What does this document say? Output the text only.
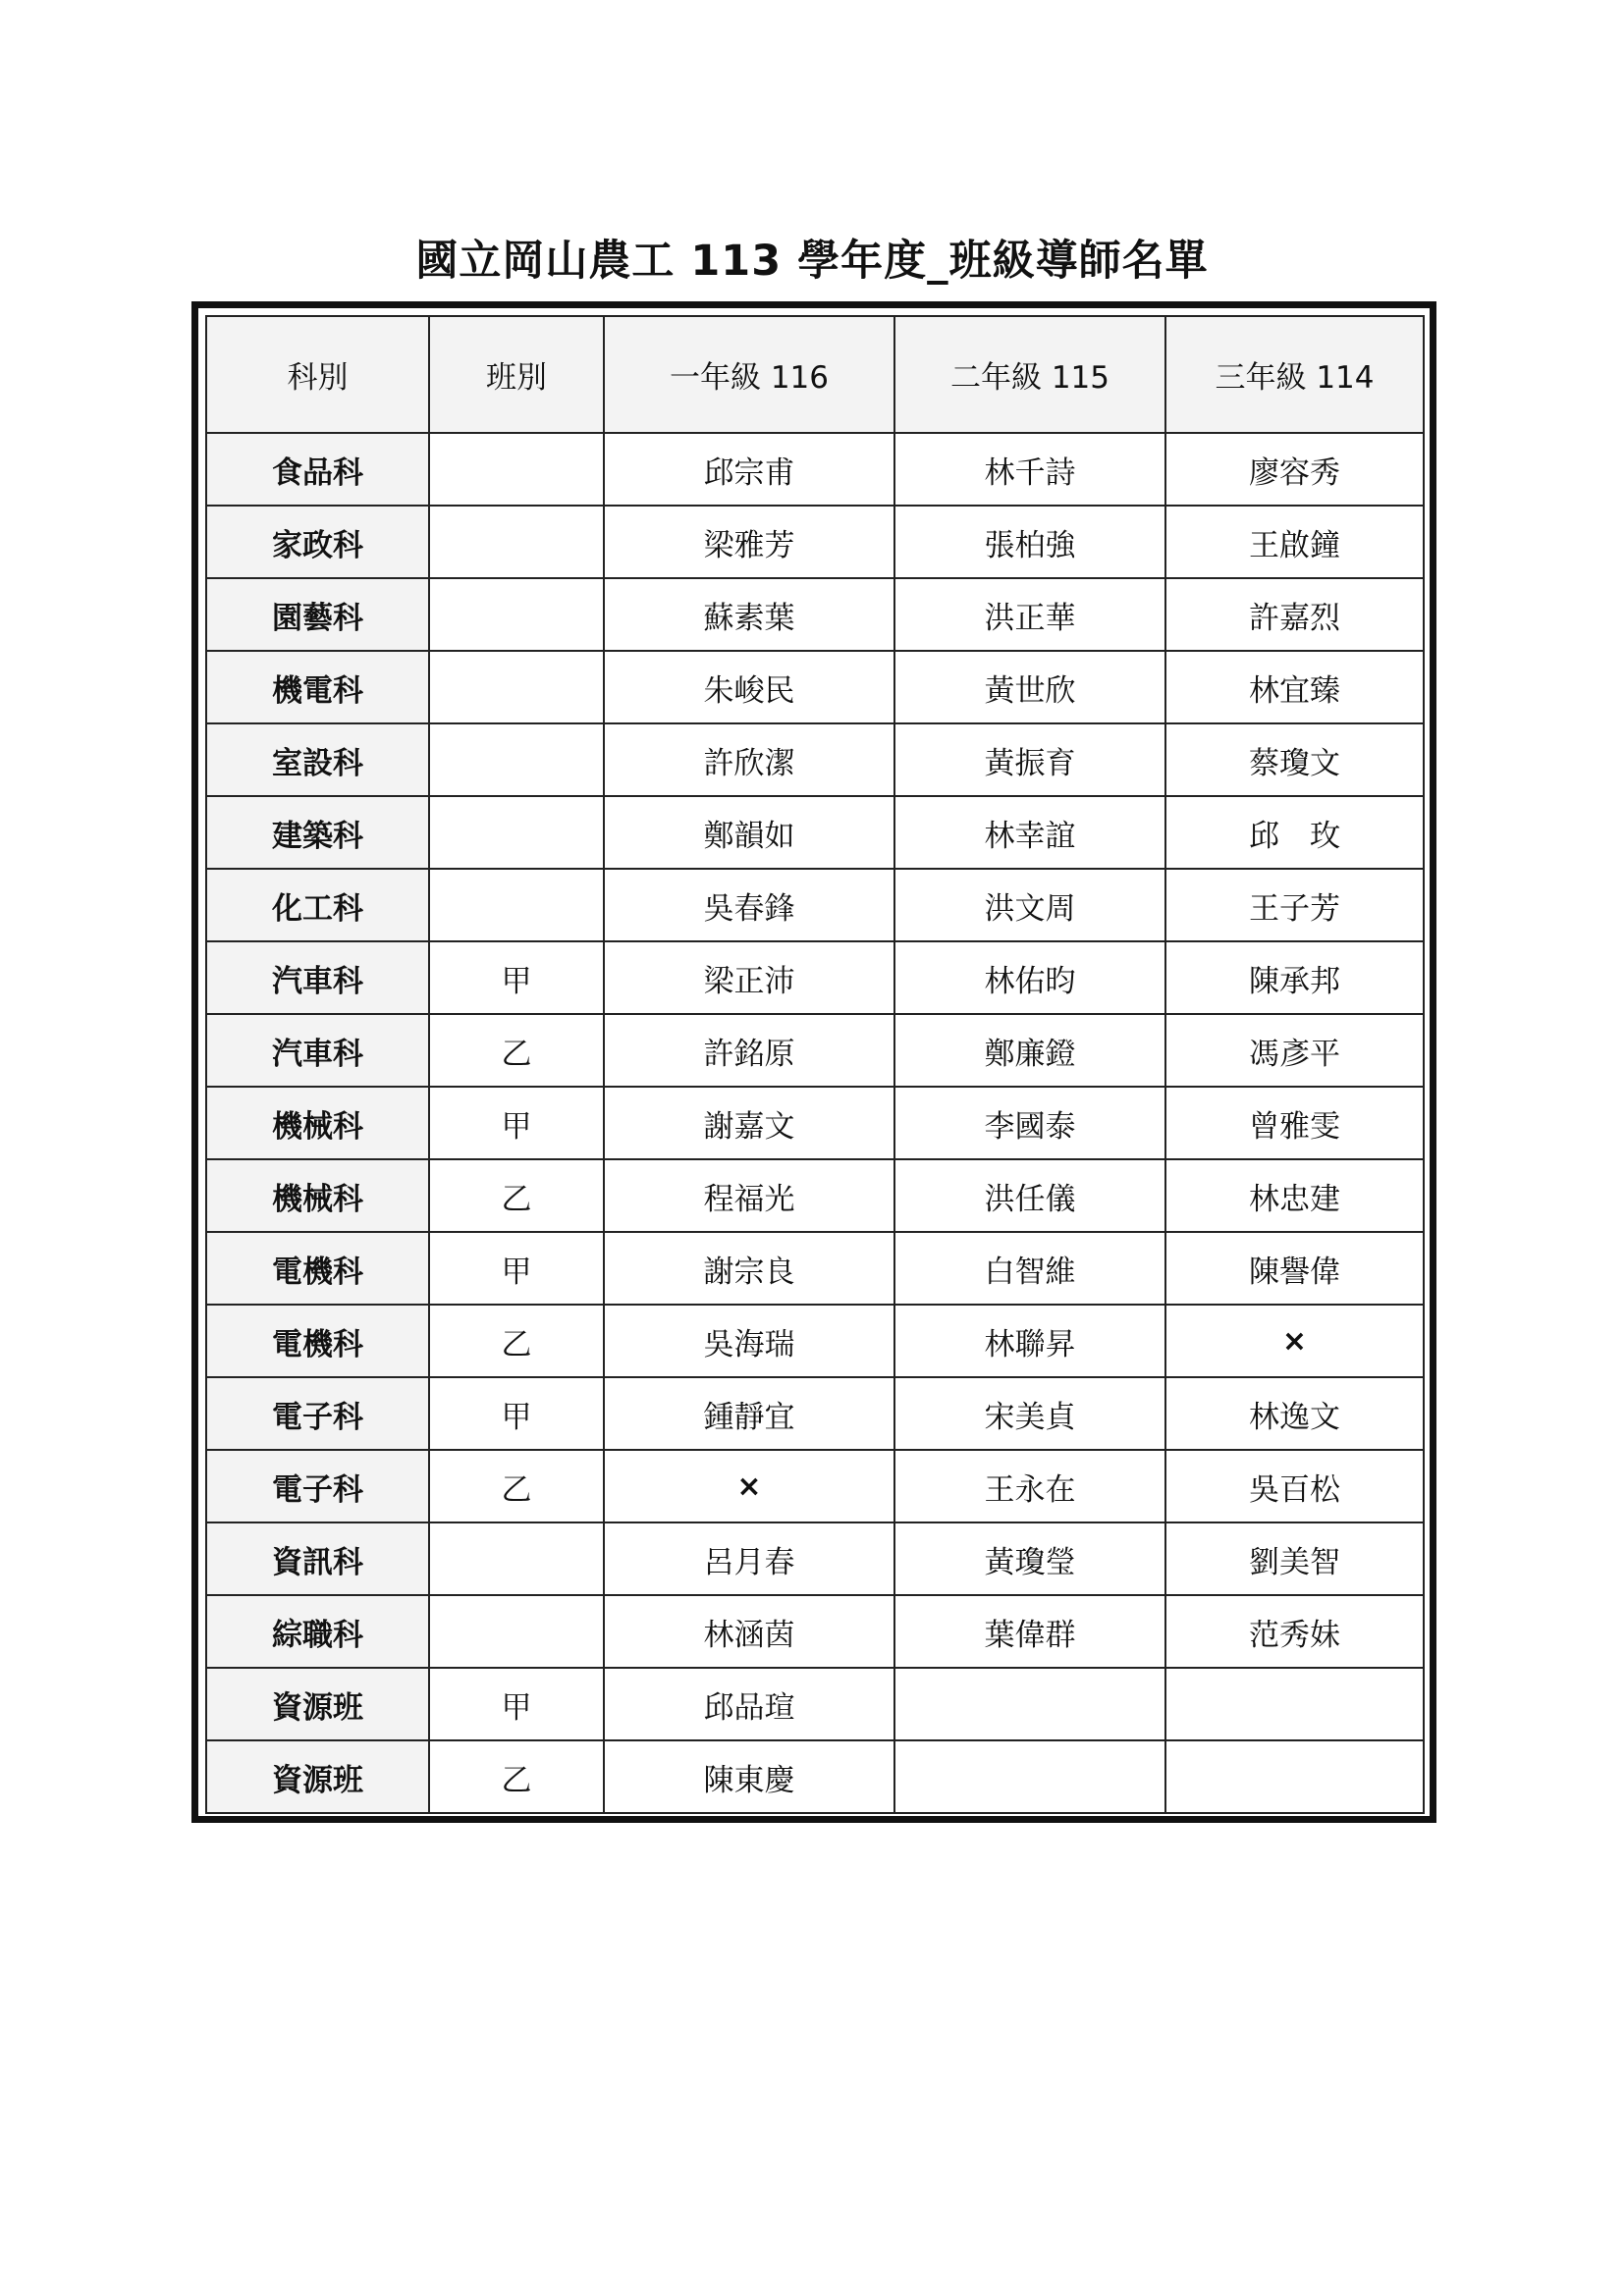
國立岡山農工 113 學年度_班級導師名單
科別	班別	一年級 116	二年級 115	三年級 114
食品科		邱宗甫	林千詩	廖容秀
家政科		梁雅芳	張柏強	王啟鐘
園藝科		蘇素葉	洪正華	許嘉烈
機電科		朱峻民	黃世欣	林宜臻
室設科		許欣潔	黃振育	蔡瓊文
建築科		鄭韻如	林幸誼	邱　玫
化工科		吳春鋒	洪文周	王子芳
汽車科	甲	梁正沛	林佑昀	陳承邦
汽車科	乙	許銘原	鄭廉鐙	馮彥平
機械科	甲	謝嘉文	李國泰	曾雅雯
機械科	乙	程福光	洪任儀	林忠建
電機科	甲	謝宗良	白智維	陳譽偉
電機科	乙	吳海瑞	林聯昇	×
電子科	甲	鍾靜宜	宋美貞	林逸文
電子科	乙	×	王永在	吳百松
資訊科		呂月春	黃瓊瑩	劉美智
綜職科		林涵茵	葉偉群	范秀妹
資源班	甲	邱品瑄		
資源班	乙	陳東慶		
